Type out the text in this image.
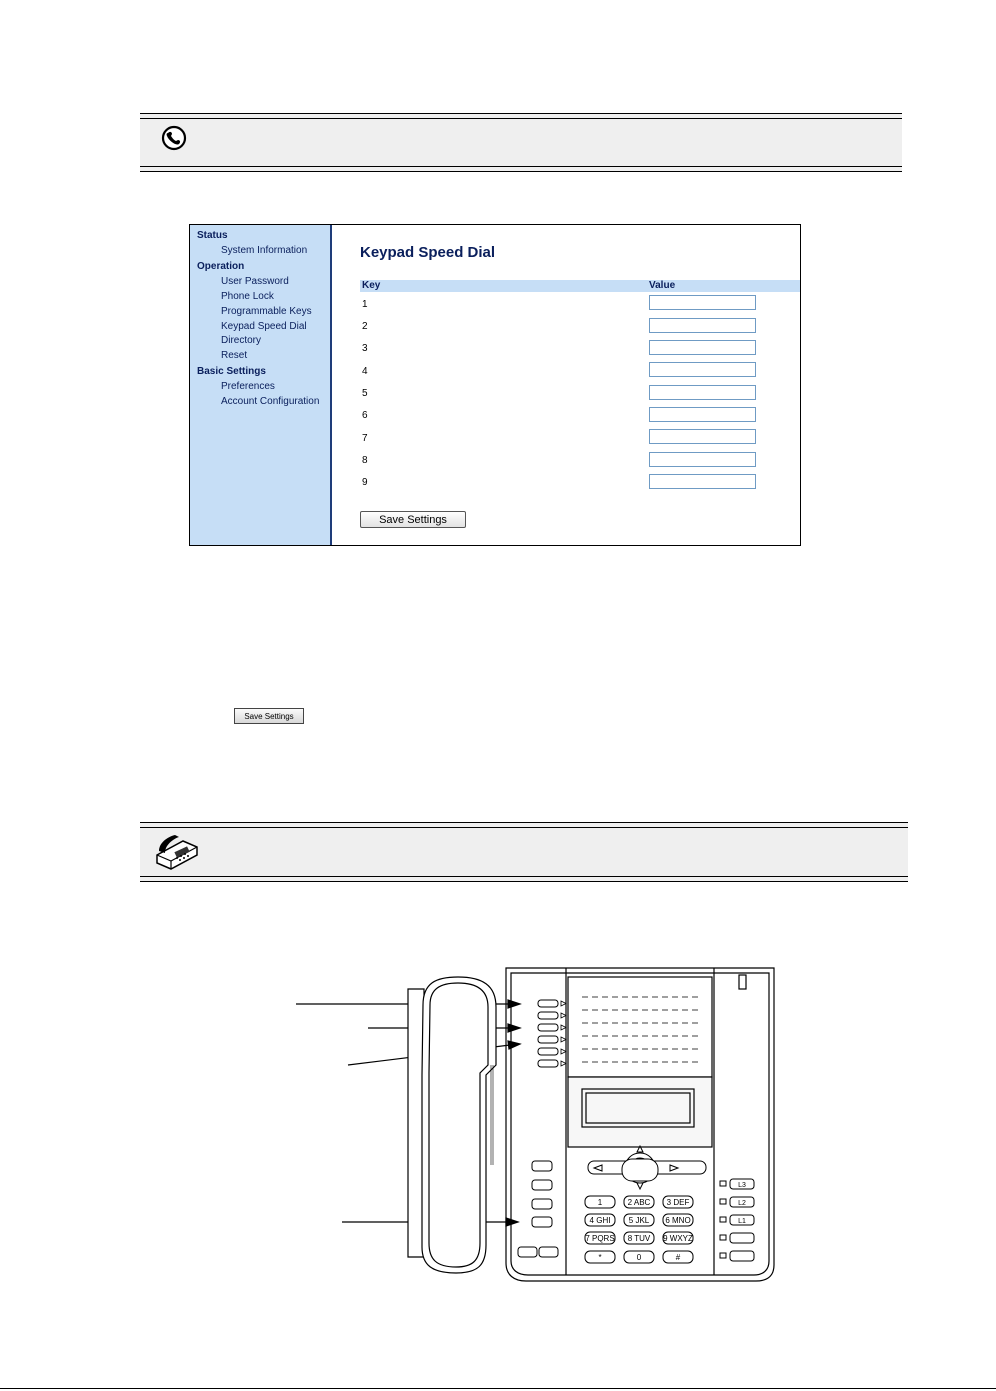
Status
System Information
Operation
User Password
Phone Lock
Programmable Keys
Keypad Speed Dial
Directory
Reset
Basic Settings
Preferences
Account Configuration
Keypad Speed Dial
Key	Value
1
2
3
4
5
6
7
8
9
Save Settings
Save Settings
1	2 ABC 3 DEF
4 GHI 5 JKL 6 MNO
7 PQRS 8 TUV 9 WXYZ
*	0	#
L3
L2
L1
